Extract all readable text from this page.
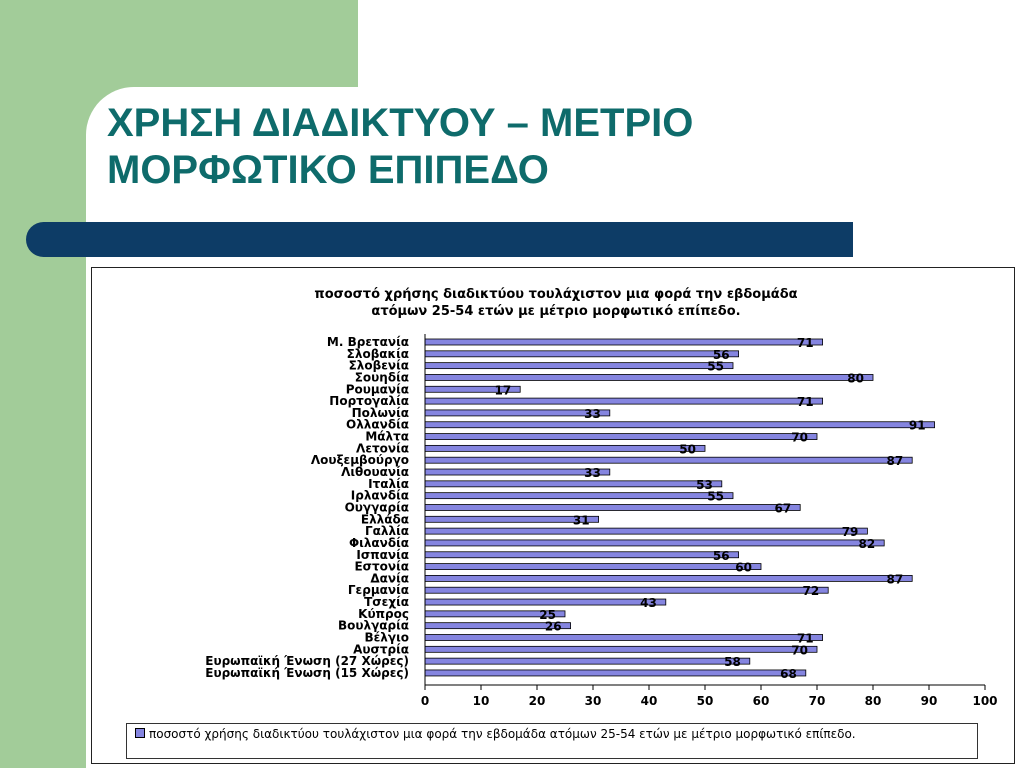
ΧΡΗΣΗ ΔΙΑΔΙΚΤΥΟΥ – ΜΕΤΡΙΟ ΜΟΡΦΩΤΙΚΟ ΕΠΙΠΕΔΟ
ποσοστό χρήσης διαδικτύου τουλάχιστον μια φορά την εβδομάδα
ατόμων 25-54 ετών με μέτριο μορφωτικό επίπεδο.
Μ. Βρετανία	71
Σλοβακία	56
Σλοβενία	55
Σουηδία	80
Ρουμανία	17
Πορτογαλία	71
Πολωνία	33
Ολλανδία	91
Μάλτα	70
Λετονία	50
Λουξεμβούργο	87
Λιθουανία	33
Ιταλία	53
Ιρλανδία	55
Ουγγαρία	67
Ελλάδα	31
Γαλλία	79
Φιλανδία	82
Ισπανία	56
Εστονία	60
Δανία	87
Γερμανία	72
Τσεχία	43
Κύπρος	25
Βουλγαρία	26
Βέλγιο	71
Αυστρία	70
Ευρωπαϊκή Ένωση (27 Χώρες)	58
Ευρωπαϊκή Ένωση (15 Χώρες)	68
0	10	20	30	40	50	60	70	80	90	100
ποσοστό χρήσης διαδικτύου τουλάχιστον μια φορά την εβδομάδα ατόμων 25-54 ετών με μέτριο μορφωτικό επίπεδο.
